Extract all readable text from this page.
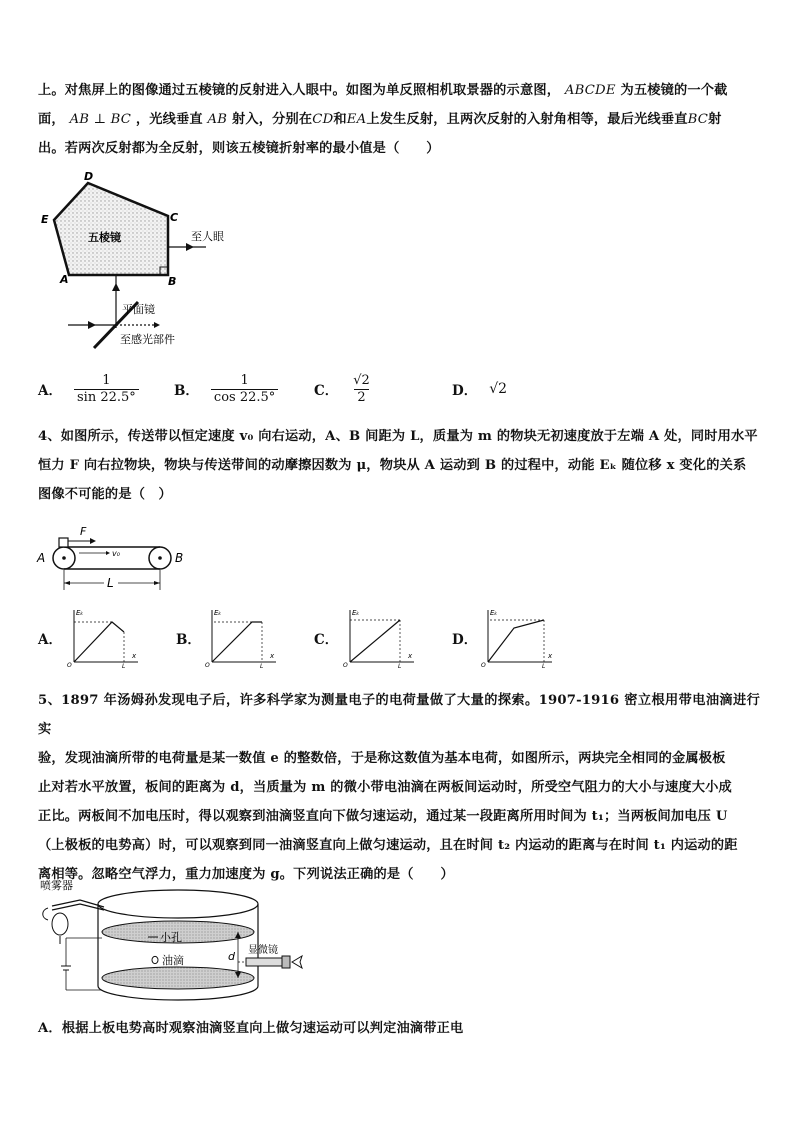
上。对焦屏上的图像通过五棱镜的反射进入人眼中。如图为单反照相机取景器的示意图， ABCDE 为五棱镜的一个截

面， AB ⊥ BC ，光线垂直 AB 射入，分别在CD和EA上发生反射，且两次反射的入射角相等，最后光线垂直BC射

出。若两次反射都为全反射，则该五棱镜折射率的最小值是（　　）

D
E	C
A	B
五棱镜	至人眼
平面镜
至感光部件
A． $\frac{1}{\sin 22.5^\circ}$	B． $\frac{1}{\cos 22.5^\circ}$	C． $\frac{√2}{2}$	D． √2

4、如图所示，传送带以恒定速度 v₀ 向右运动，A、B 间距为 L，质量为 m 的物块无初速度放于左端 A 处，同时用水平

恒力 F 向右拉物块，物块与传送带间的动摩擦因数为 μ，物块从 A 运动到 B 的过程中，动能 Eₖ 随位移 x 变化的关系

图像不可能的是（　）

F
v₀
A	B
L
A．	B．	C．	D．
Eₖ
x
O	L
Eₖ
x
O	L
Eₖ
x
O	L
Eₖ
x
O	L

5、1897 年汤姆孙发现电子后，许多科学家为测量电子的电荷量做了大量的探索。1907-1916 密立根用带电油滴进行实

验，发现油滴所带的电荷量是某一数值 e 的整数倍，于是称这数值为基本电荷，如图所示，两块完全相同的金属极板

止对若水平放置，板间的距离为 d，当质量为 m 的微小带电油滴在两板间运动时，所受空气阻力的大小与速度大小成

正比。两板间不加电压时，得以观察到油滴竖直向下做匀速运动，通过某一段距离所用时间为 t₁；当两板间加电压 U

（上极板的电势高）时，可以观察到同一油滴竖直向上做匀速运动，且在时间 t₂ 内运动的距离与在时间 t₁ 内运动的距

离相等。忽略空气浮力，重力加速度为 g。下列说法正确的是（　　）

小孔
油滴
喷雾器
d 显微镜

A．根据上板电势高时观察油滴竖直向上做匀速运动可以判定油滴带正电
